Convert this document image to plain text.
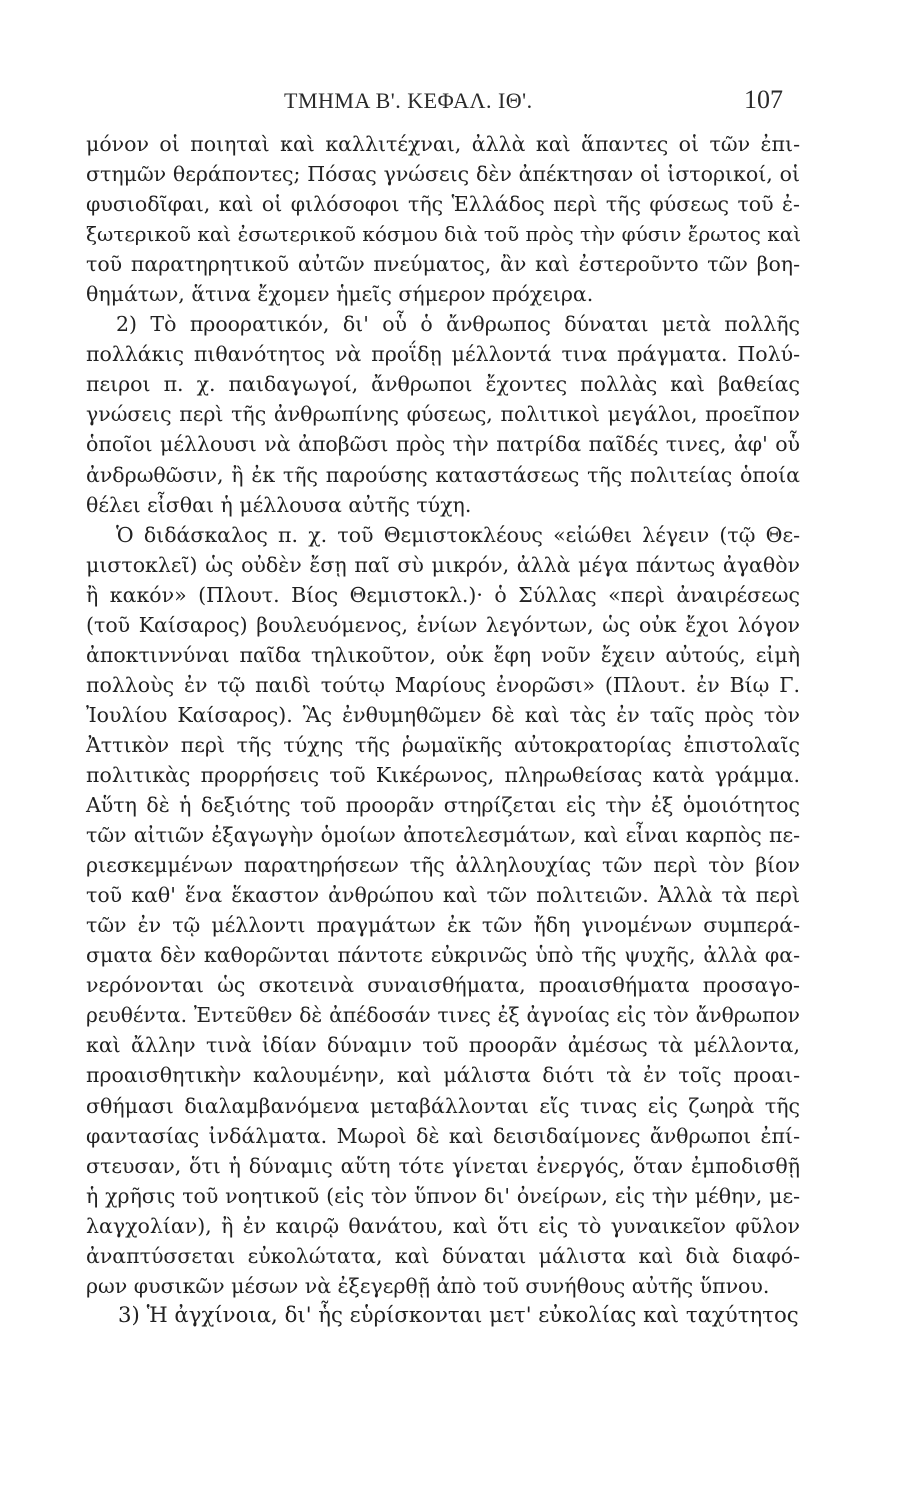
ΤΜΗΜΑ Β'. ΚΕΦΑΛ. ΙΘ'.	107
μόνον οἱ ποιηταὶ καὶ καλλιτέχναι, ἀλλὰ καὶ ἅπαντες οἱ τῶν ἐπι-
στημῶν θεράποντες; Πόσας γνώσεις δὲν ἀπέκτησαν οἱ ἱστορικοί, οἱ
φυσιοδῖφαι, καὶ οἱ φιλόσοφοι τῆς Ἑλλάδος περὶ τῆς φύσεως τοῦ ἐ-
ξωτερικοῦ καὶ ἐσωτερικοῦ κόσμου διὰ τοῦ πρὸς τὴν φύσιν ἔρωτος καὶ
τοῦ παρατηρητικοῦ αὐτῶν πνεύματος, ἂν καὶ ἐστεροῦντο τῶν βοη-
θημάτων, ἅτινα ἔχομεν ἡμεῖς σήμερον πρόχειρα.
2) Τὸ προορατικόν, δι' οὗ ὁ ἄνθρωπος δύναται μετὰ πολλῆς
πολλάκις πιθανότητος νὰ προΐδῃ μέλλοντά τινα πράγματα. Πολύ-
πειροι π. χ. παιδαγωγοί, ἄνθρωποι ἔχοντες πολλὰς καὶ βαθείας
γνώσεις περὶ τῆς ἀνθρωπίνης φύσεως, πολιτικοὶ μεγάλοι, προεῖπον
ὁποῖοι μέλλουσι νὰ ἀποβῶσι πρὸς τὴν πατρίδα παῖδές τινες, ἀφ' οὗ
ἀνδρωθῶσιν, ἢ ἐκ τῆς παρούσης καταστάσεως τῆς πολιτείας ὁποία
θέλει εἶσθαι ἡ μέλλουσα αὐτῆς τύχη.
Ὁ διδάσκαλος π. χ. τοῦ Θεμιστοκλέους «εἰώθει λέγειν (τῷ Θε-
μιστοκλεῖ) ὡς οὐδὲν ἔσῃ παῖ σὺ μικρόν, ἀλλὰ μέγα πάντως ἀγαθὸν
ἢ κακόν» (Πλουτ. Βίος Θεμιστοκλ.)· ὁ Σύλλας «περὶ ἀναιρέσεως
(τοῦ Καίσαρος) βουλευόμενος, ἐνίων λεγόντων, ὡς οὐκ ἔχοι λόγον
ἀποκτιννύναι παῖδα τηλικοῦτον, οὐκ ἔφη νοῦν ἔχειν αὐτούς, εἰμὴ
πολλοὺς ἐν τῷ παιδὶ τούτῳ Μαρίους ἐνορῶσι» (Πλουτ. ἐν Βίῳ Γ.
Ἰουλίου Καίσαρος). Ἂς ἐνθυμηθῶμεν δὲ καὶ τὰς ἐν ταῖς πρὸς τὸν
Ἀττικὸν περὶ τῆς τύχης τῆς ῥωμαϊκῆς αὐτοκρατορίας ἐπιστολαῖς
πολιτικὰς προρρήσεις τοῦ Κικέρωνος, πληρωθείσας κατὰ γράμμα.
Αὕτη δὲ ἡ δεξιότης τοῦ προορᾶν στηρίζεται εἰς τὴν ἐξ ὁμοιότητος
τῶν αἰτιῶν ἐξαγωγὴν ὁμοίων ἀποτελεσμάτων, καὶ εἶναι καρπὸς πε-
ριεσκεμμένων παρατηρήσεων τῆς ἀλληλουχίας τῶν περὶ τὸν βίον
τοῦ καθ' ἕνα ἕκαστον ἀνθρώπου καὶ τῶν πολιτειῶν. Ἀλλὰ τὰ περὶ
τῶν ἐν τῷ μέλλοντι πραγμάτων ἐκ τῶν ἤδη γινομένων συμπερά-
σματα δὲν καθορῶνται πάντοτε εὐκρινῶς ὑπὸ τῆς ψυχῆς, ἀλλὰ φα-
νερόνονται ὡς σκοτεινὰ συναισθήματα, προαισθήματα προσαγο-
ρευθέντα. Ἐντεῦθεν δὲ ἀπέδοσάν τινες ἐξ ἀγνοίας εἰς τὸν ἄνθρωπον
καὶ ἄλλην τινὰ ἰδίαν δύναμιν τοῦ προορᾶν ἀμέσως τὰ μέλλοντα,
προαισθητικὴν καλουμένην, καὶ μάλιστα διότι τὰ ἐν τοῖς προαι-
σθήμασι διαλαμβανόμενα μεταβάλλονται εἴς τινας εἰς ζωηρὰ τῆς
φαντασίας ἰνδάλματα. Μωροὶ δὲ καὶ δεισιδαίμονες ἄνθρωποι ἐπί-
στευσαν, ὅτι ἡ δύναμις αὕτη τότε γίνεται ἐνεργός, ὅταν ἐμποδισθῇ
ἡ χρῆσις τοῦ νοητικοῦ (εἰς τὸν ὕπνον δι' ὀνείρων, εἰς τὴν μέθην, με-
λαγχολίαν), ἢ ἐν καιρῷ θανάτου, καὶ ὅτι εἰς τὸ γυναικεῖον φῦλον
ἀναπτύσσεται εὐκολώτατα, καὶ δύναται μάλιστα καὶ διὰ διαφό-
ρων φυσικῶν μέσων νὰ ἐξεγερθῇ ἀπὸ τοῦ συνήθους αὐτῆς ὕπνου.
3) Ἡ ἀγχίνοια, δι' ἧς εὑρίσκονται μετ' εὐκολίας καὶ ταχύτητος
